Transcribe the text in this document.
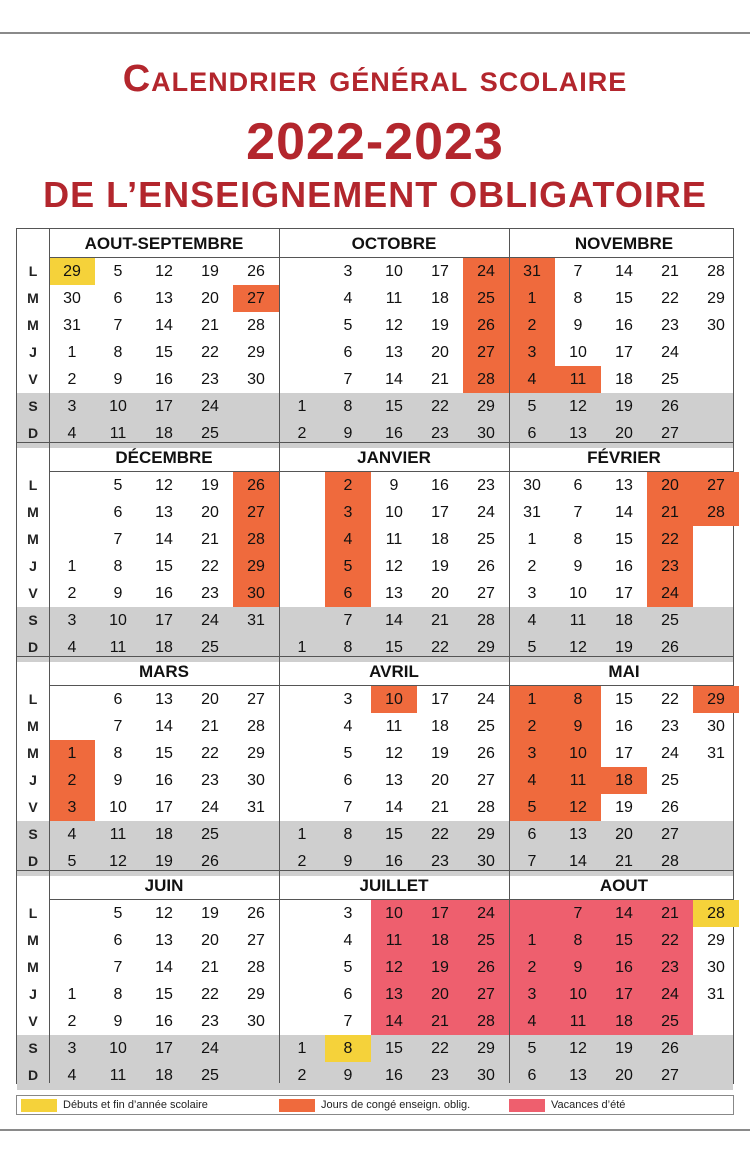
Calendrier général scolaire
2022-2023
DE L’ENSEIGNEMENT OBLIGATOIRE
L
M
M
J
V
S
D
L
M
M
J
V
S
D
L
M
M
J
V
S
D
L
M
M
J
V
S
D
AOUT-SEPTEMBRE
29
30
31
1
2
3
4
5
6
7
8
9
10
11
12
13
14
15
16
17
18
19
20
21
22
23
24
25
26
27
28
29
30
OCTOBRE
1
2
3
4
5
6
7
8
9
10
11
12
13
14
15
16
17
18
19
20
21
22
23
24
25
26
27
28
29
30
31
NOVEMBRE
1
2
3
4
5
6
7
8
9
10
11
12
13
14
15
16
17
18
19
20
21
22
23
24
25
26
27
28
29
30
DÉCEMBRE
1
2
3
4
5
6
7
8
9
10
11
12
13
14
15
16
17
18
19
20
21
22
23
24
25
26
27
28
29
30
31
JANVIER
1
2
3
4
5
6
7
8
9
10
11
12
13
14
15
16
17
18
19
20
21
22
23
24
25
26
27
28
29
30
31
FÉVRIER
1
2
3
4
5
6
7
8
9
10
11
12
13
14
15
16
17
18
19
20
21
22
23
24
25
26
27
28
MARS
1
2
3
4
5
6
7
8
9
10
11
12
13
14
15
16
17
18
19
20
21
22
23
24
25
26
27
28
29
30
31
AVRIL
1
2
3
4
5
6
7
8
9
10
11
12
13
14
15
16
17
18
19
20
21
22
23
24
25
26
27
28
29
30
MAI
1
2
3
4
5
6
7
8
9
10
11
12
13
14
15
16
17
18
19
20
21
22
23
24
25
26
27
28
29
30
31
JUIN
1
2
3
4
5
6
7
8
9
10
11
12
13
14
15
16
17
18
19
20
21
22
23
24
25
26
27
28
29
30
JUILLET
1
2
3
4
5
6
7
8
9
10
11
12
13
14
15
16
17
18
19
20
21
22
23
24
25
26
27
28
29
30
AOUT
1
2
3
4
5
6
7
8
9
10
11
12
13
14
15
16
17
18
19
20
21
22
23
24
25
26
27
28
29
30
31
Débuts et fin d’année scolaire	Jours de congé enseign. oblig.	Vacances d’été
